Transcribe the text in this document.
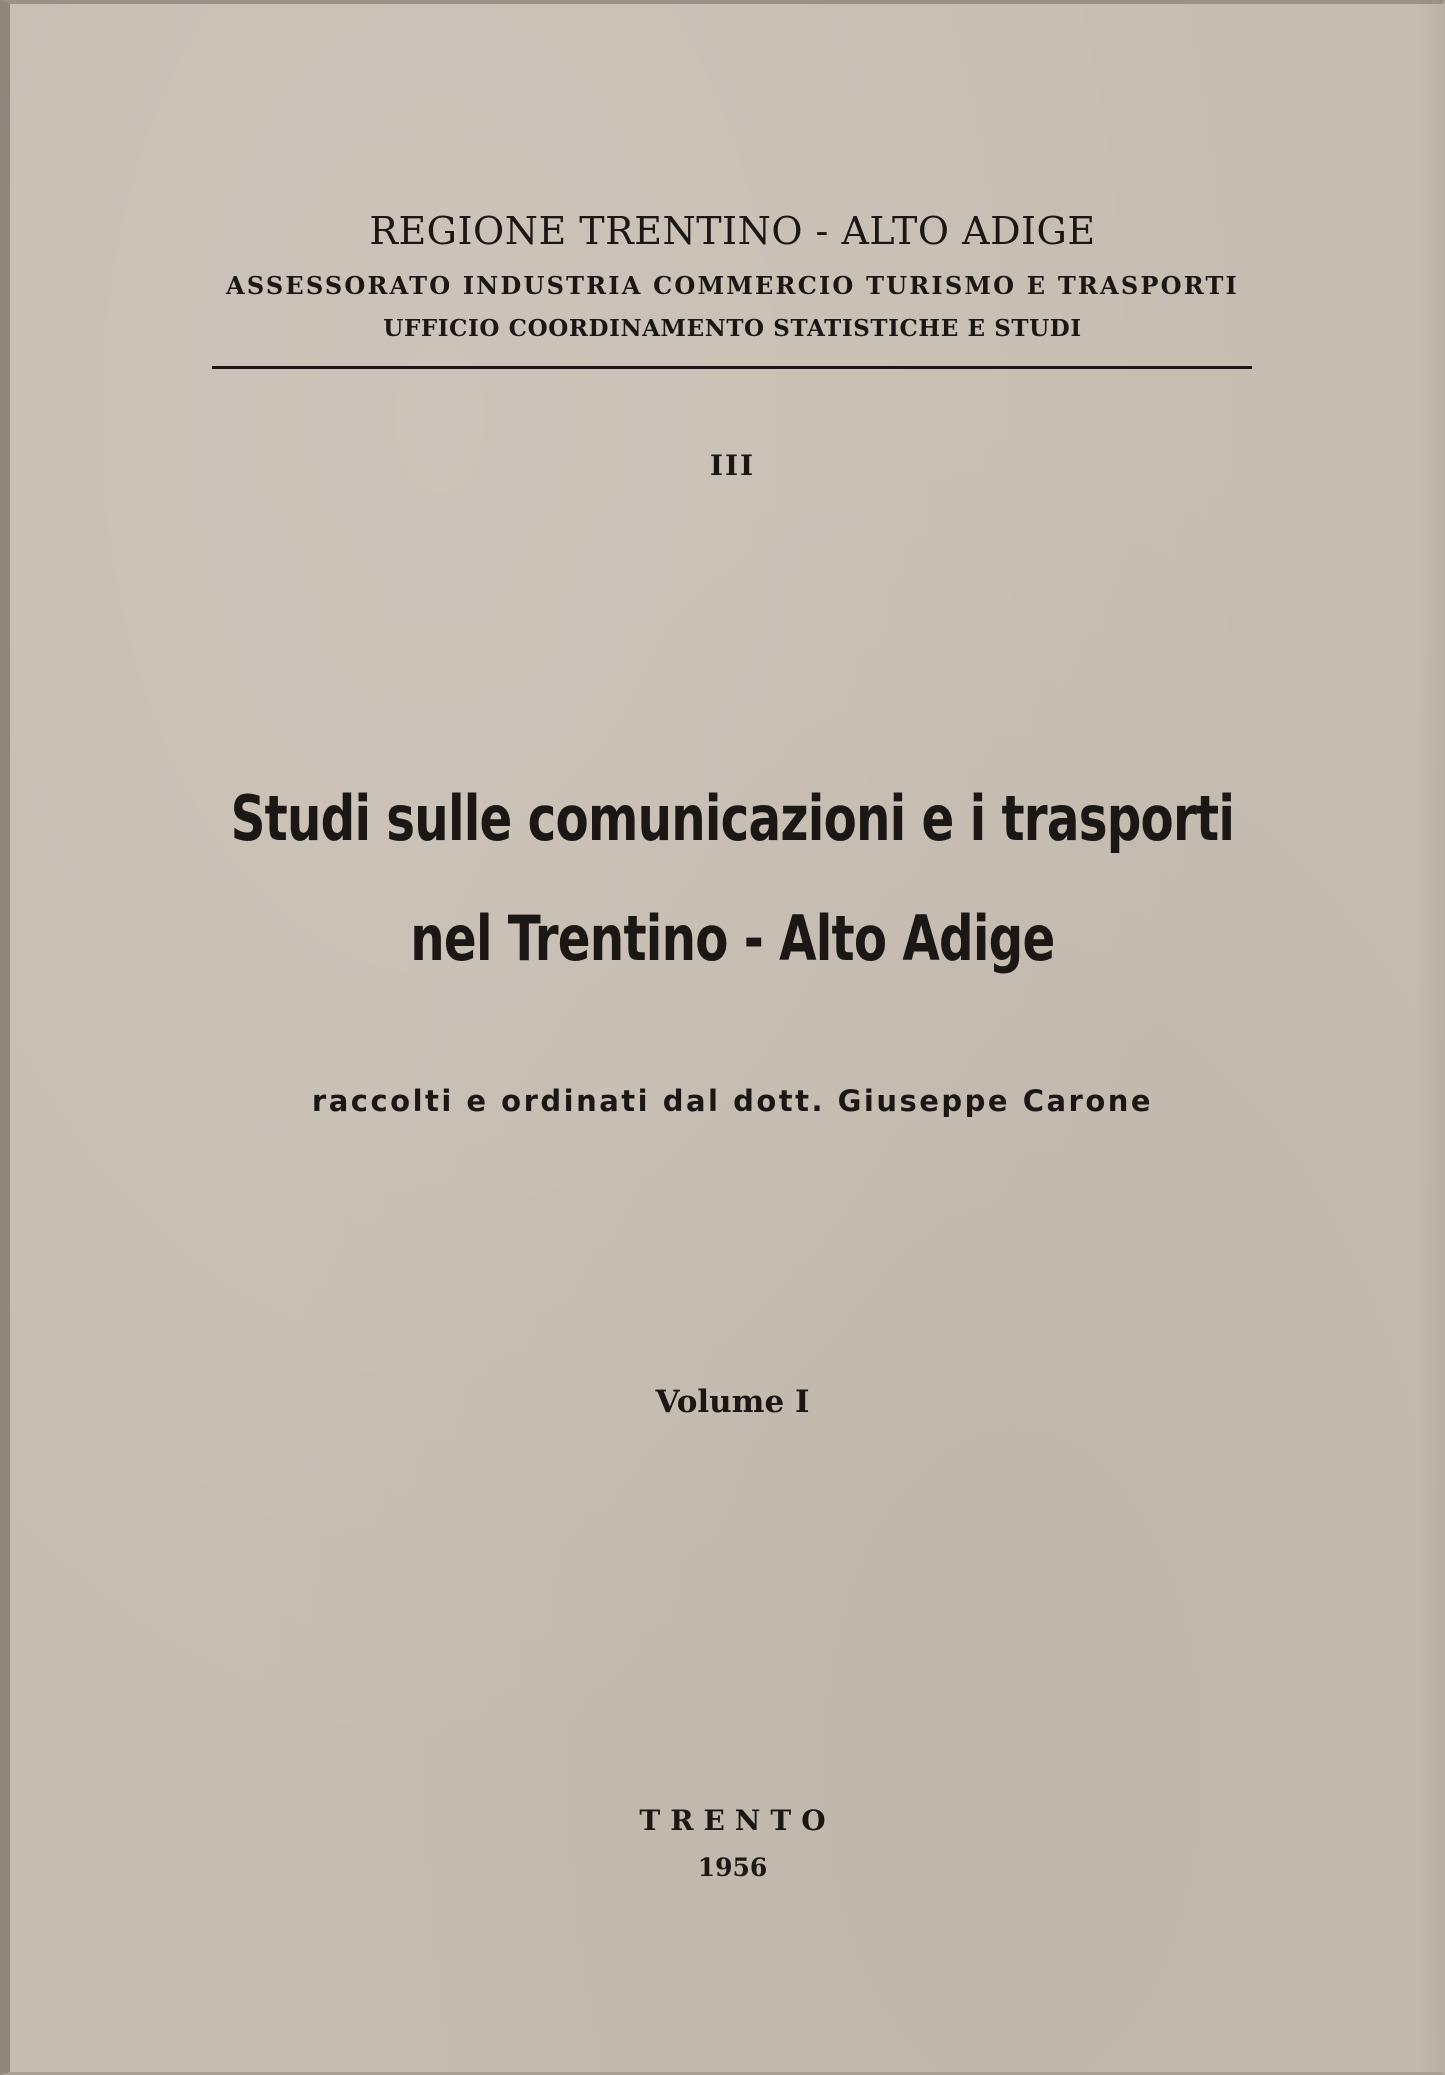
REGIONE TRENTINO - ALTO ADIGE
ASSESSORATO INDUSTRIA COMMERCIO TURISMO E TRASPORTI
UFFICIO COORDINAMENTO STATISTICHE E STUDI
III
Studi sulle comunicazioni e i trasporti
nel Trentino - Alto Adige
raccolti e ordinati dal dott. Giuseppe Carone
Volume I
TRENTO
1956
